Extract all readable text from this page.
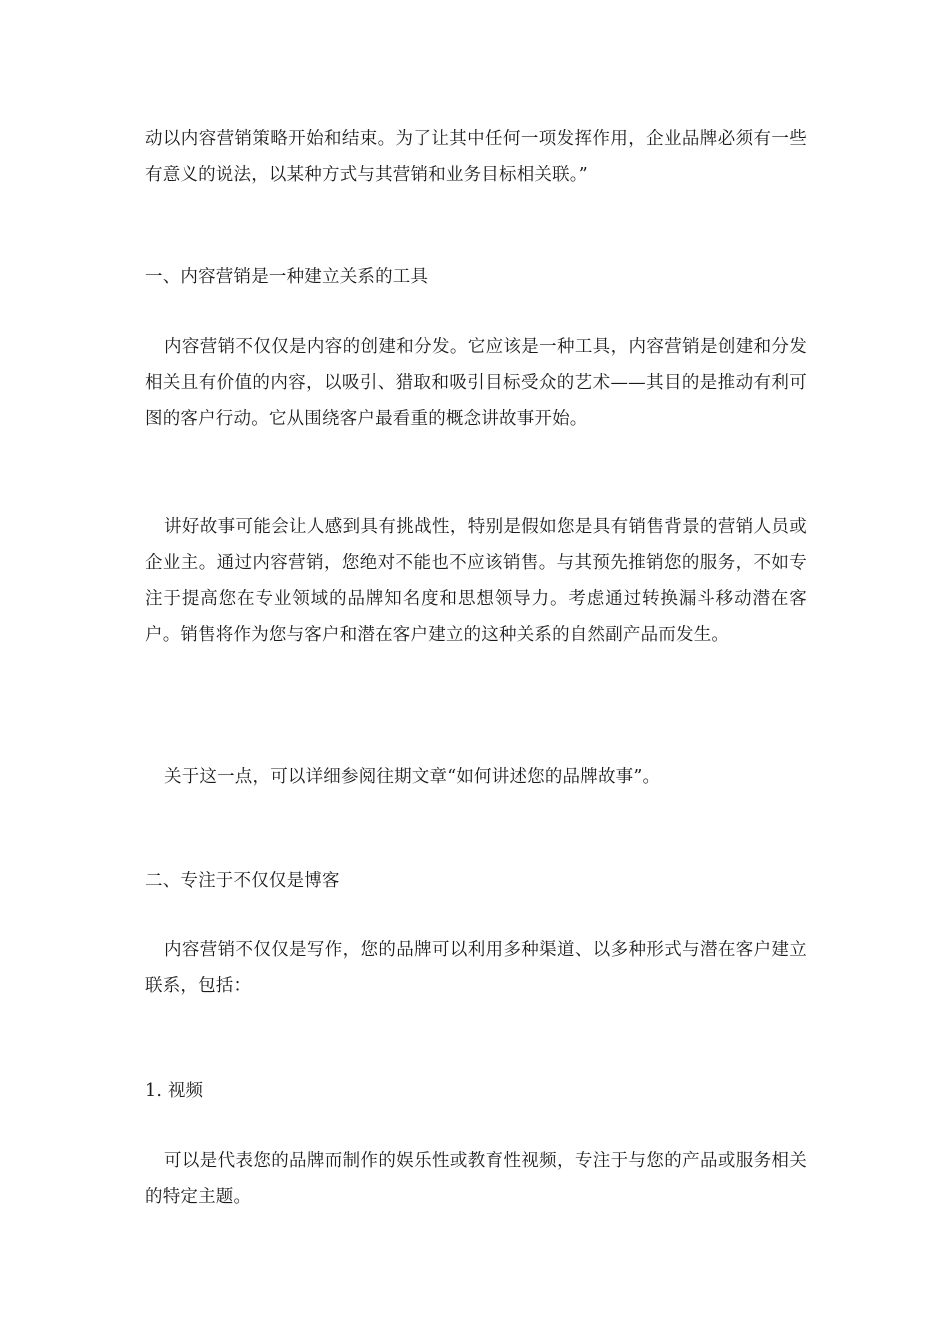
动以内容营销策略开始和结束。为了让其中任何一项发挥作用，企业品牌必须有一些有意义的说法，以某种方式与其营销和业务目标相关联。”

一、内容营销是一种建立关系的工具

内容营销不仅仅是内容的创建和分发。它应该是一种工具，内容营销是创建和分发相关且有价值的内容，以吸引、猎取和吸引目标受众的艺术——其目的是推动有利可图的客户行动。它从围绕客户最看重的概念讲故事开始。

讲好故事可能会让人感到具有挑战性，特别是假如您是具有销售背景的营销人员或企业主。通过内容营销，您绝对不能也不应该销售。与其预先推销您的服务，不如专注于提高您在专业领域的品牌知名度和思想领导力。考虑通过转换漏斗移动潜在客户。销售将作为您与客户和潜在客户建立的这种关系的自然副产品而发生。

关于这一点，可以详细参阅往期文章“如何讲述您的品牌故事”。

二、专注于不仅仅是博客

内容营销不仅仅是写作，您的品牌可以利用多种渠道、以多种形式与潜在客户建立联系，包括：

1. 视频

可以是代表您的品牌而制作的娱乐性或教育性视频，专注于与您的产品或服务相关的特定主题。
